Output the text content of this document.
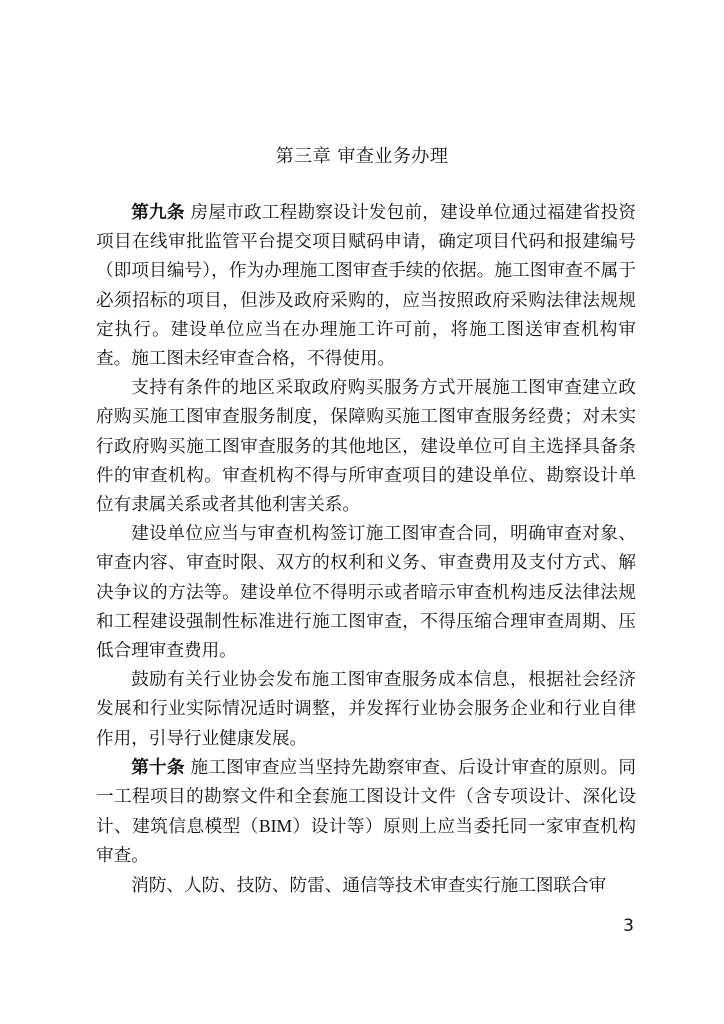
第三章 审查业务办理

第九条 房屋市政工程勘察设计发包前，建设单位通过福建省投资项目在线审批监管平台提交项目赋码申请，确定项目代码和报建编号（即项目编号），作为办理施工图审查手续的依据。施工图审查不属于必须招标的项目，但涉及政府采购的，应当按照政府采购法律法规规定执行。建设单位应当在办理施工许可前，将施工图送审查机构审查。施工图未经审查合格，不得使用。

支持有条件的地区采取政府购买服务方式开展施工图审查建立政府购买施工图审查服务制度，保障购买施工图审查服务经费；对未实行政府购买施工图审查服务的其他地区，建设单位可自主选择具备条件的审查机构。审查机构不得与所审查项目的建设单位、勘察设计单位有隶属关系或者其他利害关系。

建设单位应当与审查机构签订施工图审查合同，明确审查对象、审查内容、审查时限、双方的权利和义务、审查费用及支付方式、解决争议的方法等。建设单位不得明示或者暗示审查机构违反法律法规和工程建设强制性标准进行施工图审查，不得压缩合理审查周期、压低合理审查费用。

鼓励有关行业协会发布施工图审查服务成本信息，根据社会经济发展和行业实际情况适时调整，并发挥行业协会服务企业和行业自律作用，引导行业健康发展。

第十条 施工图审查应当坚持先勘察审查、后设计审查的原则。同一工程项目的勘察文件和全套施工图设计文件（含专项设计、深化设计、建筑信息模型（BIM）设计等）原则上应当委托同一家审查机构审查。

消防、人防、技防、防雷、通信等技术审查实行施工图联合审

3
